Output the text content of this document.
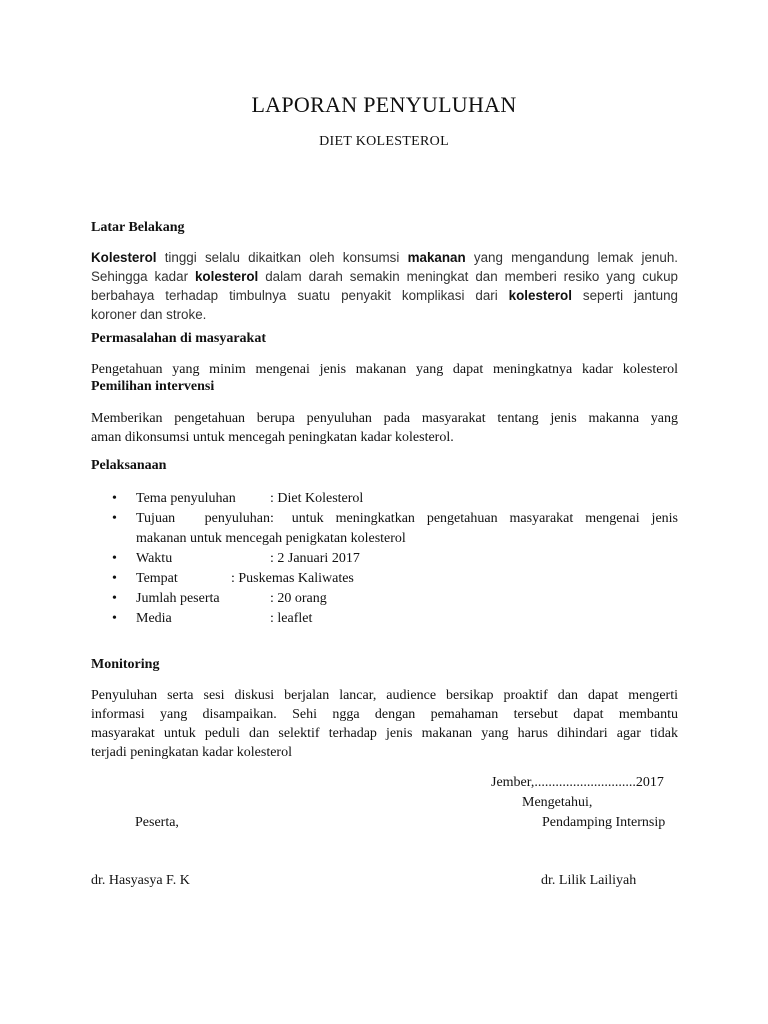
LAPORAN PENYULUHAN
DIET KOLESTEROL
Latar Belakang
Kolesterol tinggi selalu dikaitkan oleh konsumsi makanan yang mengandung lemak jenuh.
Sehingga kadar kolesterol dalam darah semakin meningkat dan memberi resiko yang cukup
berbahaya terhadap timbulnya suatu penyakit komplikasi dari kolesterol seperti jantung
koroner dan stroke.
Permasalahan di masyarakat
Pengetahuan yang minim mengenai jenis makanan yang dapat meningkatnya kadar kolesterol
Pemilihan intervensi
Memberikan pengetahuan berupa penyuluhan pada masyarakat tentang jenis makanna yang
aman dikonsumsi untuk mencegah peningkatan kadar kolesterol.
Pelaksanaan
• Tema penyuluhan : Diet Kolesterol
• Tujuan penyuluhan:   untuk  meningkatkan  pengetahuan  masyarakat  mengenai  jenis
makanan untuk mencegah penigkatan kolesterol
• Waktu	: 2 Januari 2017
• Tempat	: Puskemas Kaliwates
• Jumlah peserta	: 20 orang
• Media	: leaflet
Monitoring
Penyuluhan serta sesi diskusi berjalan lancar, audience bersikap proaktif dan dapat mengerti
informasi yang disampaikan. Sehi ngga dengan pemahaman tersebut dapat membantu
masyarakat untuk peduli dan selektif terhadap jenis makanan yang harus dihindari agar tidak
terjadi peningkatan kadar kolesterol
Jember,.............................2017
Mengetahui,
Peserta,	Pendamping Internsip
dr. Hasyasya F. K	dr. Lilik Lailiyah
